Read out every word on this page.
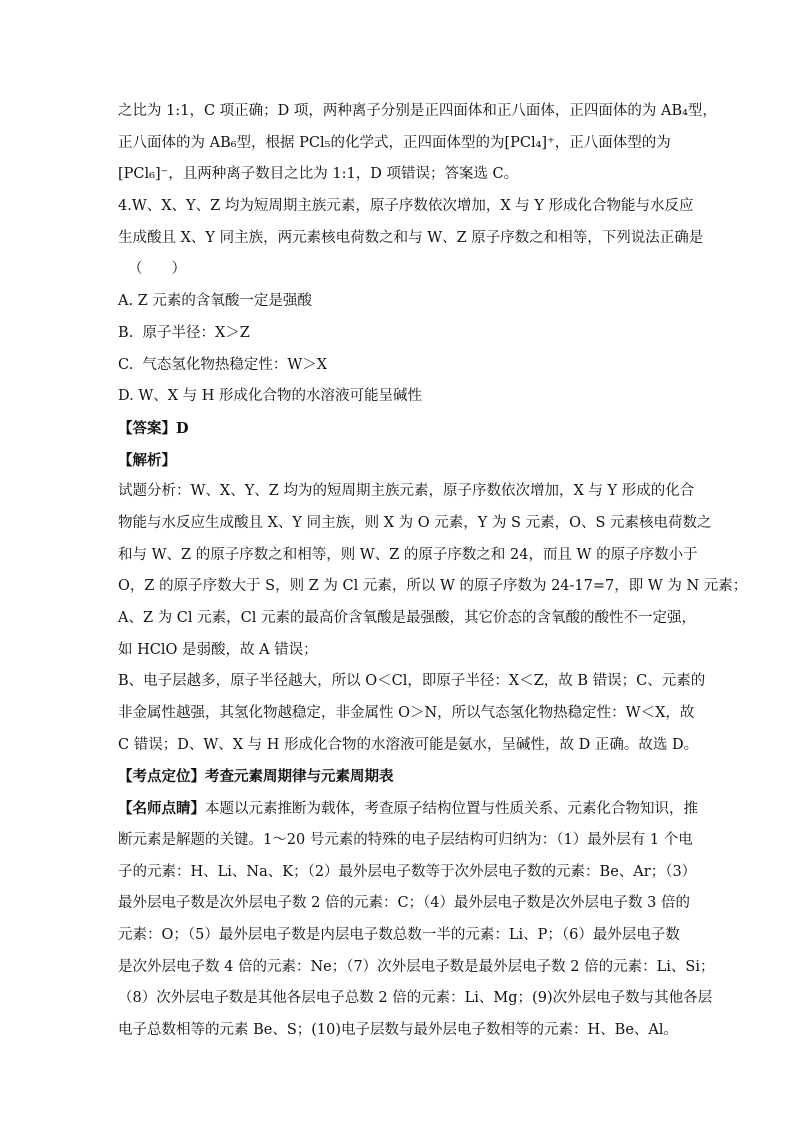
之比为 1:1，C 项正确；D 项，两种离子分别是正四面体和正八面体，正四面体的为 AB₄型，
正八面体的为 AB₆型，根据 PCl₅的化学式，正四面体型的为[PCl₄]⁺，正八面体型的为
[PCl₆]⁻，且两种离子数目之比为 1:1，D 项错误；答案选 C。
4.W、X、Y、Z 均为短周期主族元素，原子序数依次增加，X 与 Y 形成化合物能与水反应
生成酸且 X、Y 同主族，两元素核电荷数之和与 W、Z 原子序数之和相等，下列说法正确是
（　　）
A. Z 元素的含氧酸一定是强酸
B.  原子半径：X＞Z
C.  气态氢化物热稳定性：W＞X
D. W、X 与 H 形成化合物的水溶液可能呈碱性
【答案】D
【解析】
试题分析：W、X、Y、Z 均为的短周期主族元素，原子序数依次增加，X 与 Y 形成的化合
物能与水反应生成酸且 X、Y 同主族，则 X 为 O 元素，Y 为 S 元素，O、S 元素核电荷数之
和与 W、Z 的原子序数之和相等，则 W、Z 的原子序数之和 24，而且 W 的原子序数小于
O，Z 的原子序数大于 S，则 Z 为 Cl 元素，所以 W 的原子序数为 24-17=7，即 W 为 N 元素；
A、Z 为 Cl 元素，Cl 元素的最高价含氧酸是最强酸，其它价态的含氧酸的酸性不一定强，
如 HClO 是弱酸，故 A 错误；
B、电子层越多，原子半径越大，所以 O＜Cl，即原子半径：X＜Z，故 B 错误；C、元素的
非金属性越强，其氢化物越稳定，非金属性 O＞N，所以气态氢化物热稳定性：W＜X，故
C 错误；D、W、X 与 H 形成化合物的水溶液可能是氨水，呈碱性，故 D 正确。故选 D。
【考点定位】考查元素周期律与元素周期表
【名师点睛】本题以元素推断为载体，考查原子结构位置与性质关系、元素化合物知识，推
断元素是解题的关键。1～20 号元素的特殊的电子层结构可归纳为：（1）最外层有 1 个电
子的元素：H、Li、Na、K；（2）最外层电子数等于次外层电子数的元素：Be、Ar；（3）
最外层电子数是次外层电子数 2 倍的元素：C；（4）最外层电子数是次外层电子数 3 倍的
元素：O；（5）最外层电子数是内层电子数总数一半的元素：Li、P；（6）最外层电子数
是次外层电子数 4 倍的元素：Ne；（7）次外层电子数是最外层电子数 2 倍的元素：Li、Si；
（8）次外层电子数是其他各层电子总数 2 倍的元素：Li、Mg；(9)次外层电子数与其他各层
电子总数相等的元素 Be、S；(10)电子层数与最外层电子数相等的元素：H、Be、Al。
